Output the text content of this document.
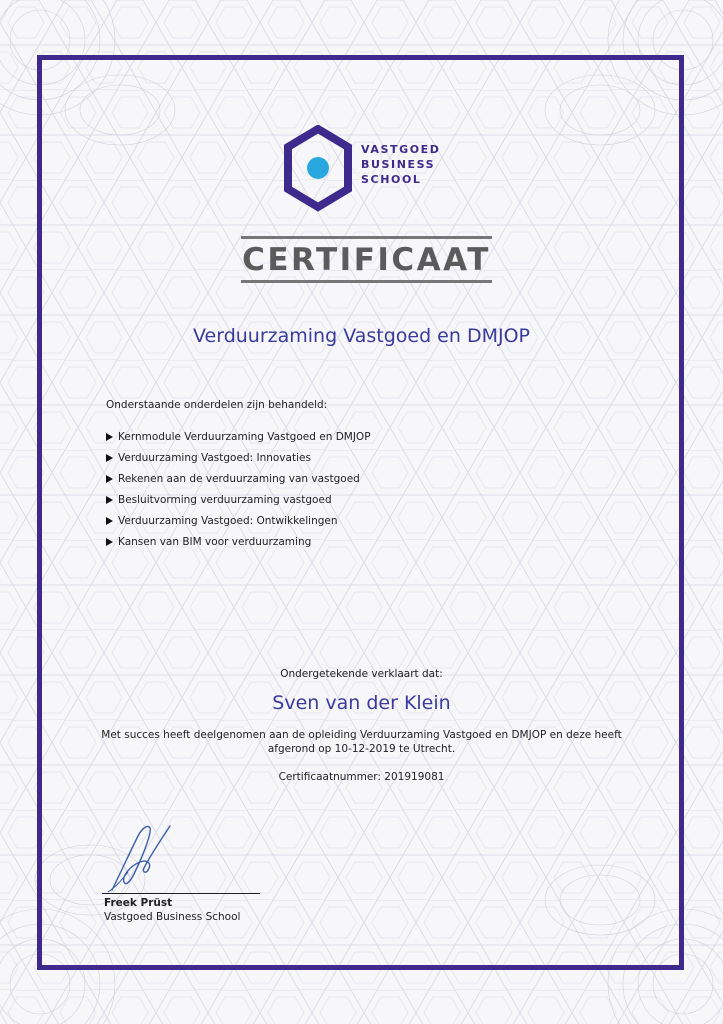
VASTGOED
BUSINESS
SCHOOL
CERTIFICAAT
Verduurzaming Vastgoed en DMJOP
Onderstaande onderdelen zijn behandeld:
Kernmodule Verduurzaming Vastgoed en DMJOP
Verduurzaming Vastgoed: Innovaties
Rekenen aan de verduurzaming van vastgoed
Besluitvorming verduurzaming vastgoed
Verduurzaming Vastgoed: Ontwikkelingen
Kansen van BIM voor verduurzaming
Ondergetekende verklaart dat:
Sven van der Klein
Met succes heeft deelgenomen aan de opleiding Verduurzaming Vastgoed en DMJOP en deze heeft afgerond op 10-12-2019 te Utrecht.
Certificaatnummer: 201919081
Freek Prüst
Vastgoed Business School
